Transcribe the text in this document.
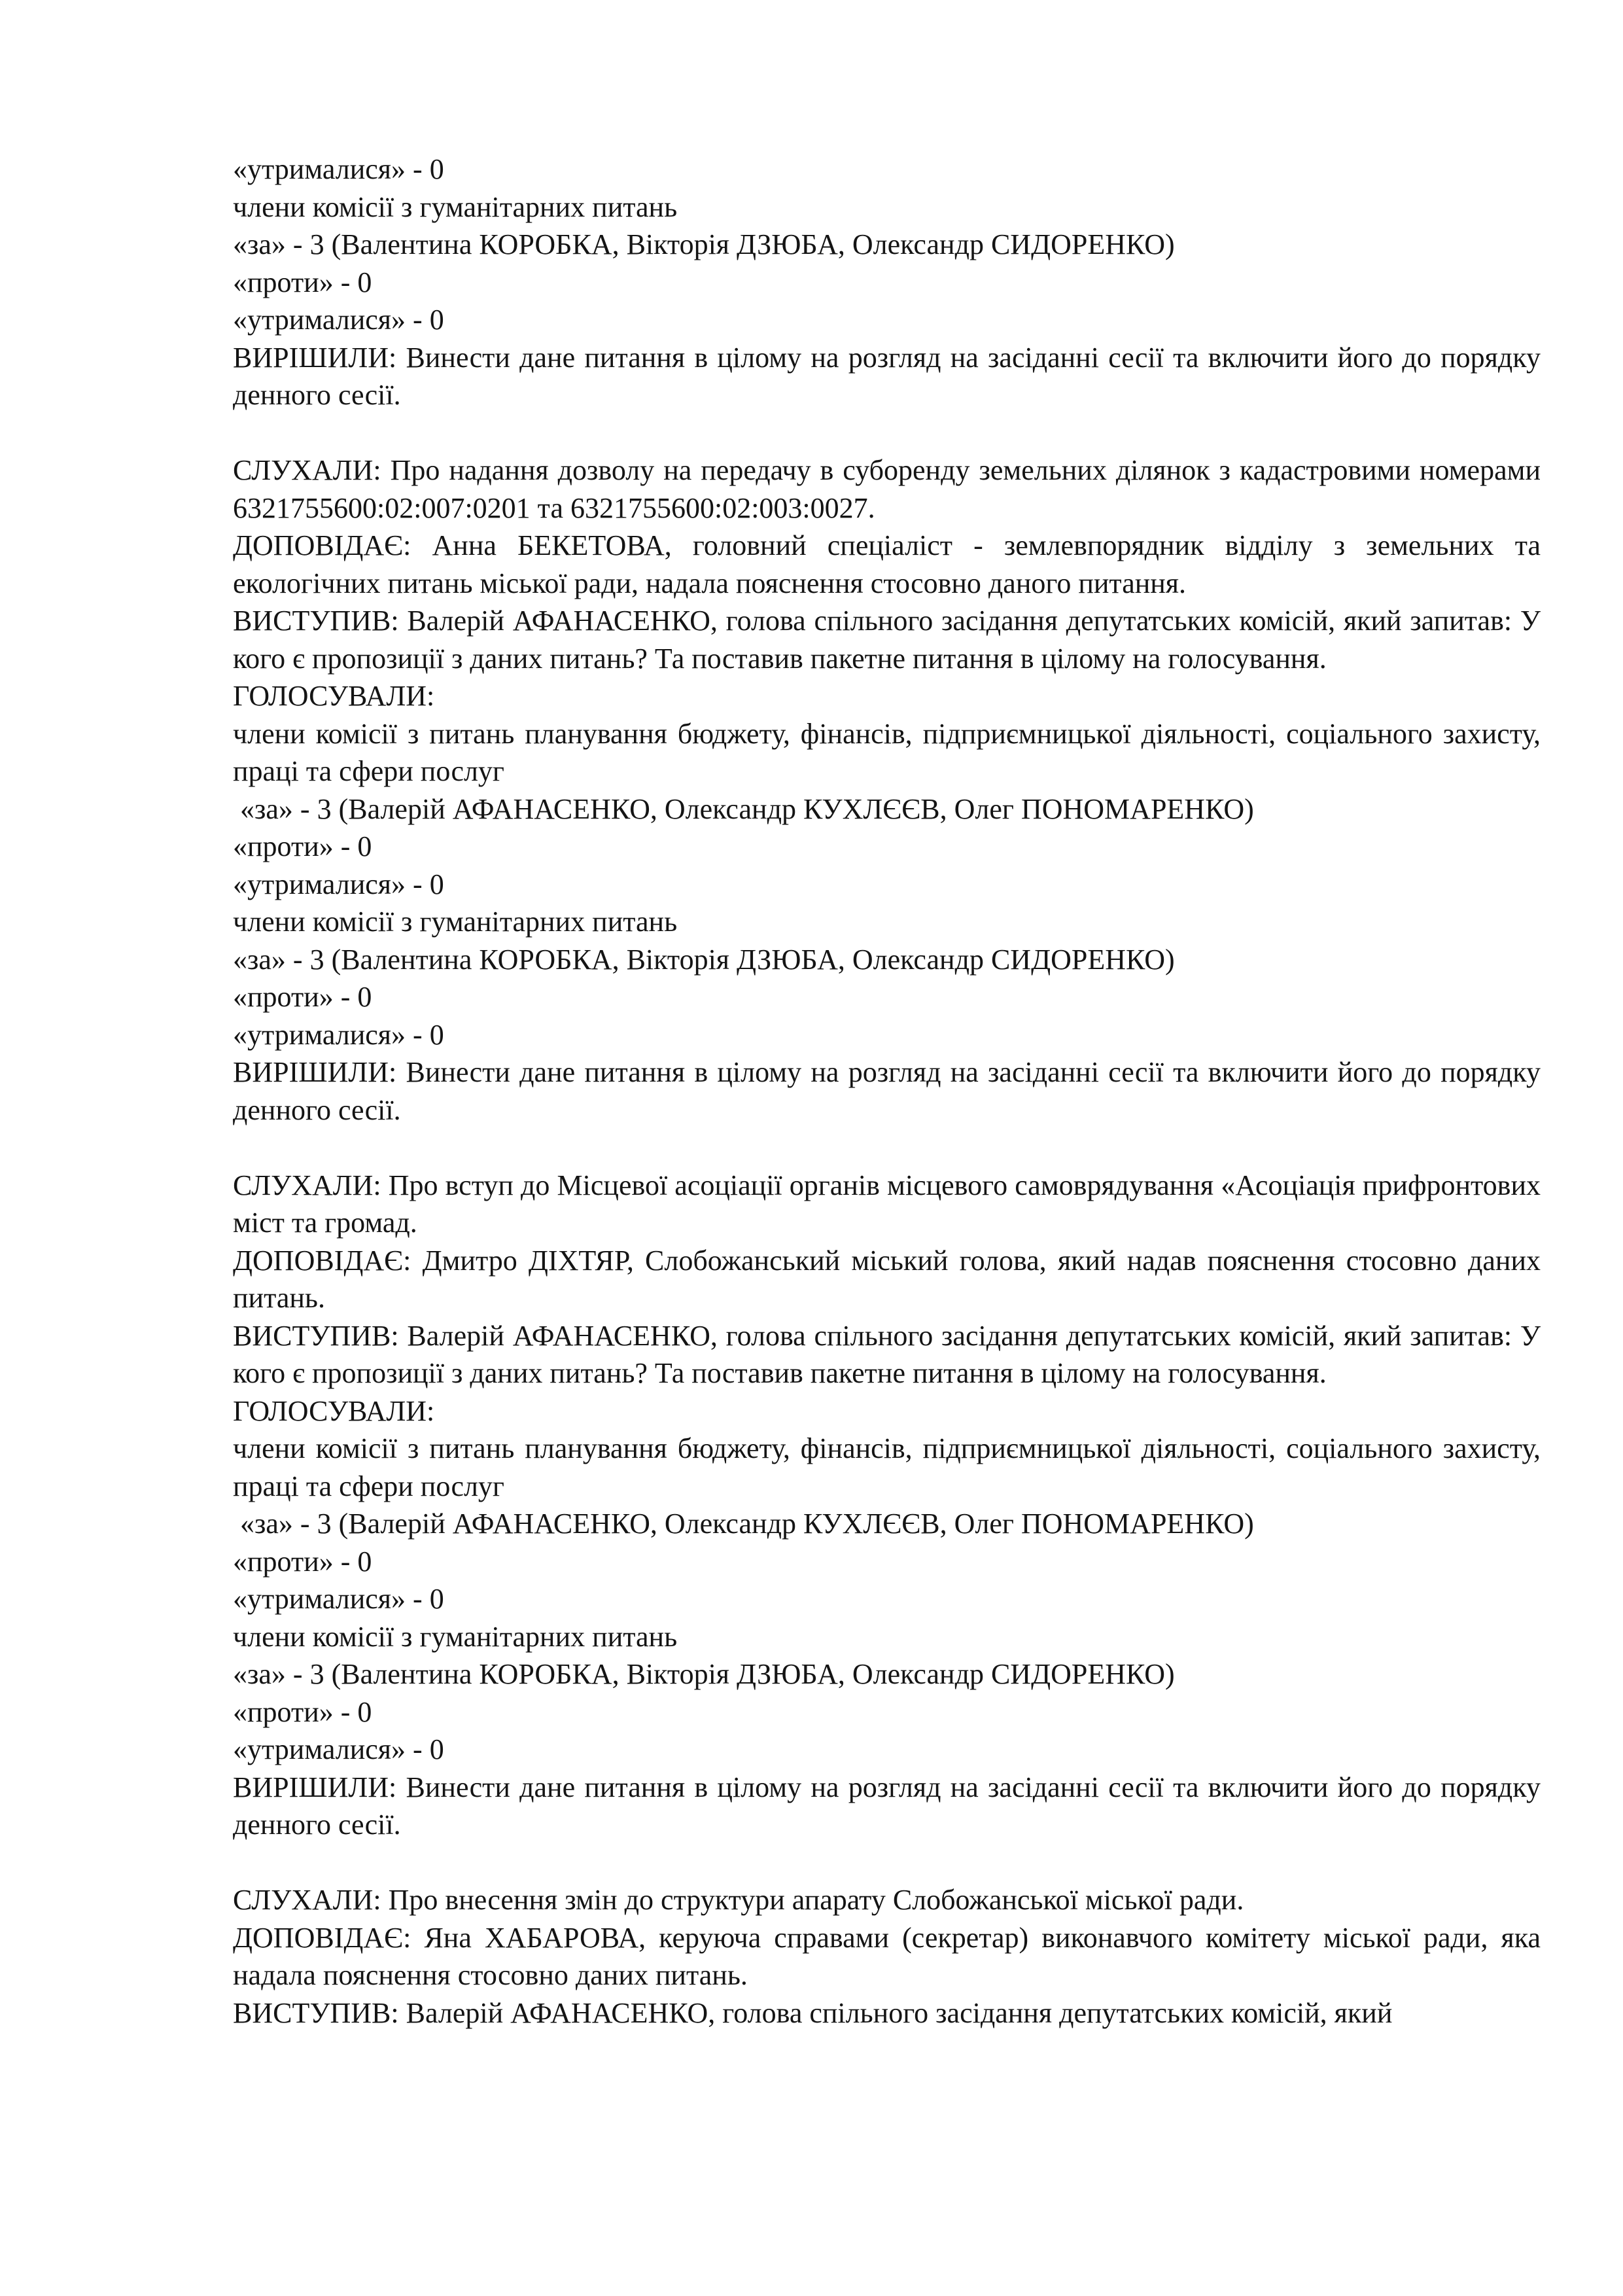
«утрималися» - 0
члени комісії з гуманітарних питань
«за» - 3 (Валентина КОРОБКА, Вікторія ДЗЮБА, Олександр СИДОРЕНКО)
«проти» - 0
«утрималися» - 0

ВИРІШИЛИ: Винести дане питання в цілому на розгляд на засіданні сесії та включити його до порядку денного сесії.

СЛУХАЛИ: Про надання дозволу на передачу в суборенду земельних ділянок з кадастровими номерами 6321755600:02:007:0201 та 6321755600:02:003:0027.

ДОПОВІДАЄ: Анна БЕКЕТОВА, головний спеціаліст - землевпорядник відділу з земельних та екологічних питань міської ради, надала пояснення стосовно даного питання.

ВИСТУПИВ: Валерій АФАНАСЕНКО, голова спільного засідання депутатських комісій, який запитав: У кого є пропозиції з даних питань? Та поставив пакетне питання в цілому на голосування.

ГОЛОСУВАЛИ:

члени комісії з питань планування бюджету, фінансів, підприємницької діяльності, соціального захисту, праці та сфери послуг

«за» - 3 (Валерій АФАНАСЕНКО, Олександр КУХЛЄЄВ, Олег ПОНОМАРЕНКО)
«проти» - 0
«утрималися» - 0
члени комісії з гуманітарних питань
«за» - 3 (Валентина КОРОБКА, Вікторія ДЗЮБА, Олександр СИДОРЕНКО)
«проти» - 0
«утрималися» - 0

ВИРІШИЛИ: Винести дане питання в цілому на розгляд на засіданні сесії та включити його до порядку денного сесії.

СЛУХАЛИ: Про вступ до Місцевої асоціації органів місцевого самоврядування «Асоціація прифронтових міст та громад.

ДОПОВІДАЄ: Дмитро ДІХТЯР, Слобожанський міський голова, який надав пояснення стосовно даних питань.

ВИСТУПИВ: Валерій АФАНАСЕНКО, голова спільного засідання депутатських комісій, який запитав: У кого є пропозиції з даних питань? Та поставив пакетне питання в цілому на голосування.

ГОЛОСУВАЛИ:

члени комісії з питань планування бюджету, фінансів, підприємницької діяльності, соціального захисту, праці та сфери послуг

«за» - 3 (Валерій АФАНАСЕНКО, Олександр КУХЛЄЄВ, Олег ПОНОМАРЕНКО)
«проти» - 0
«утрималися» - 0
члени комісії з гуманітарних питань
«за» - 3 (Валентина КОРОБКА, Вікторія ДЗЮБА, Олександр СИДОРЕНКО)
«проти» - 0
«утрималися» - 0

ВИРІШИЛИ: Винести дане питання в цілому на розгляд на засіданні сесії та включити його до порядку денного сесії.

СЛУХАЛИ: Про внесення змін до структури апарату Слобожанської міської ради.

ДОПОВІДАЄ: Яна ХАБАРОВА, керуюча справами (секретар) виконавчого комітету міської ради, яка надала пояснення стосовно даних питань.

ВИСТУПИВ: Валерій АФАНАСЕНКО, голова спільного засідання депутатських комісій, який
